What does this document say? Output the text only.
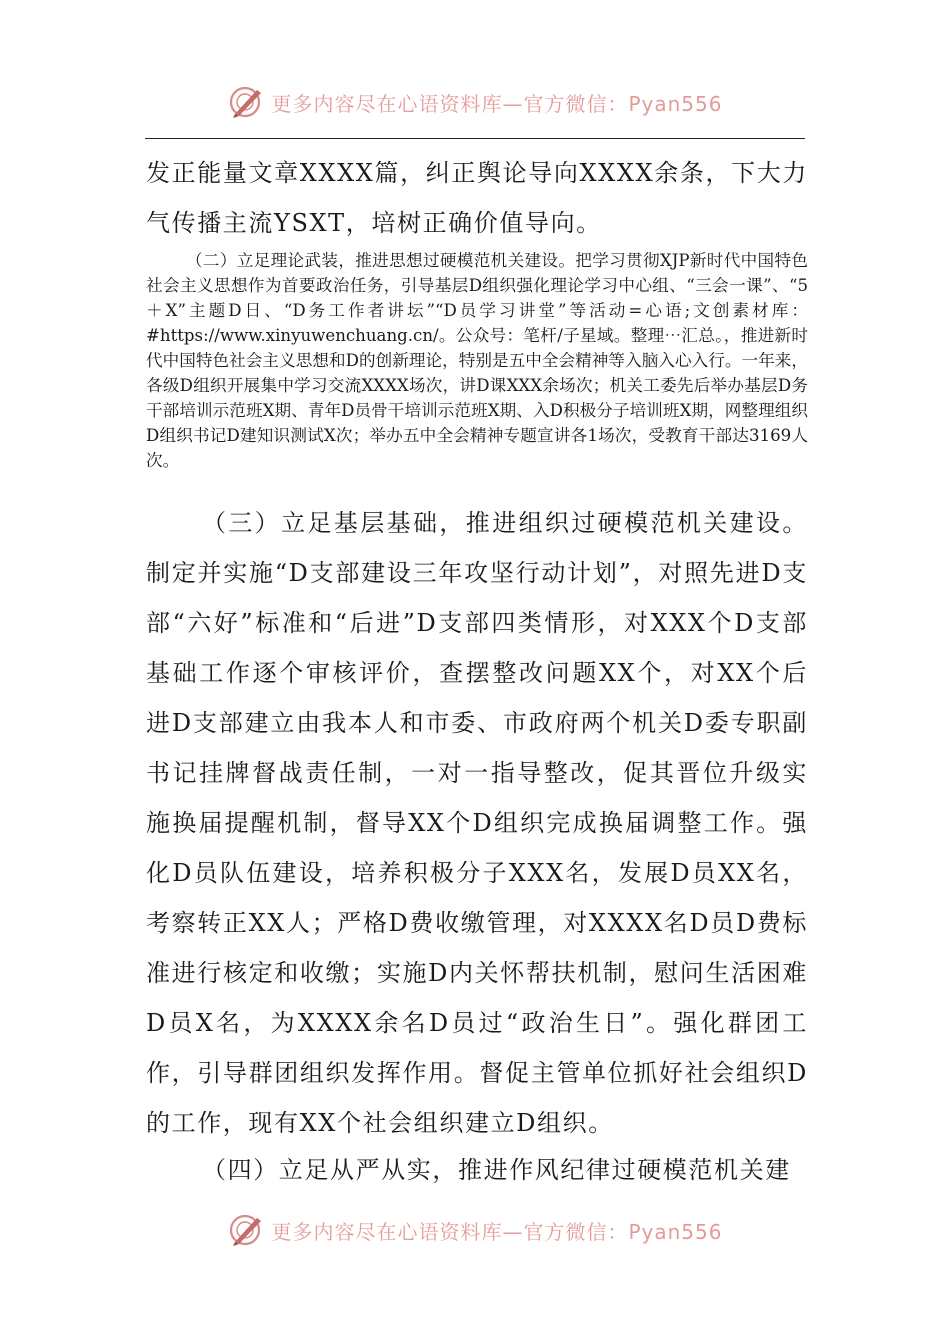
更多内容尽在心语资料库—官方微信：Pyan556

发正能量文章XXXX篇，纠正舆论导向XXXX余条，下大力气传播主流YSXT，培树正确价值导向。

（二）立足理论武装，推进思想过硬模范机关建设。把学习贯彻XJP新时代中国特色社会主义思想作为首要政治任务，引导基层D组织强化理论学习中心组、“三会一课”、“5＋X”主题D日、“D务工作者讲坛”“D员学习讲堂”等活动=心语;文创素材库：#https://www.xinyuwenchuang.cn/。公众号：笔杆/子星域。整理⋯汇总。，推进新时代中国特色社会主义思想和D的创新理论，特别是五中全会精神等入脑入心入行。一年来，各级D组织开展集中学习交流XXXX场次，讲D课XXX余场次；机关工委先后举办基层D务干部培训示范班X期、青年D员骨干培训示范班X期、入D积极分子培训班X期，网整理组织D组织书记D建知识测试X次；举办五中全会精神专题宣讲各1场次，受教育干部达3169人次。

（三）立足基层基础，推进组织过硬模范机关建设。制定并实施“D支部建设三年攻坚行动计划”，对照先进D支部“六好”标准和“后进”D支部四类情形，对XXX个D支部基础工作逐个审核评价，查摆整改问题XX个，对XX个后进D支部建立由我本人和市委、市政府两个机关D委专职副书记挂牌督战责任制，一对一指导整改，促其晋位升级实施换届提醒机制，督导XX个D组织完成换届调整工作。强化D员队伍建设，培养积极分子XXX名，发展D员XX名，考察转正XX人；严格D费收缴管理，对XXXX名D员D费标准进行核定和收缴；实施D内关怀帮扶机制，慰问生活困难D员X名，为XXXX余名D员过“政治生日”。强化群团工作，引导群团组织发挥作用。督促主管单位抓好社会组织D的工作，现有XX个社会组织建立D组织。

（四）立足从严从实，推进作风纪律过硬模范机关建

更多内容尽在心语资料库—官方微信：Pyan556
